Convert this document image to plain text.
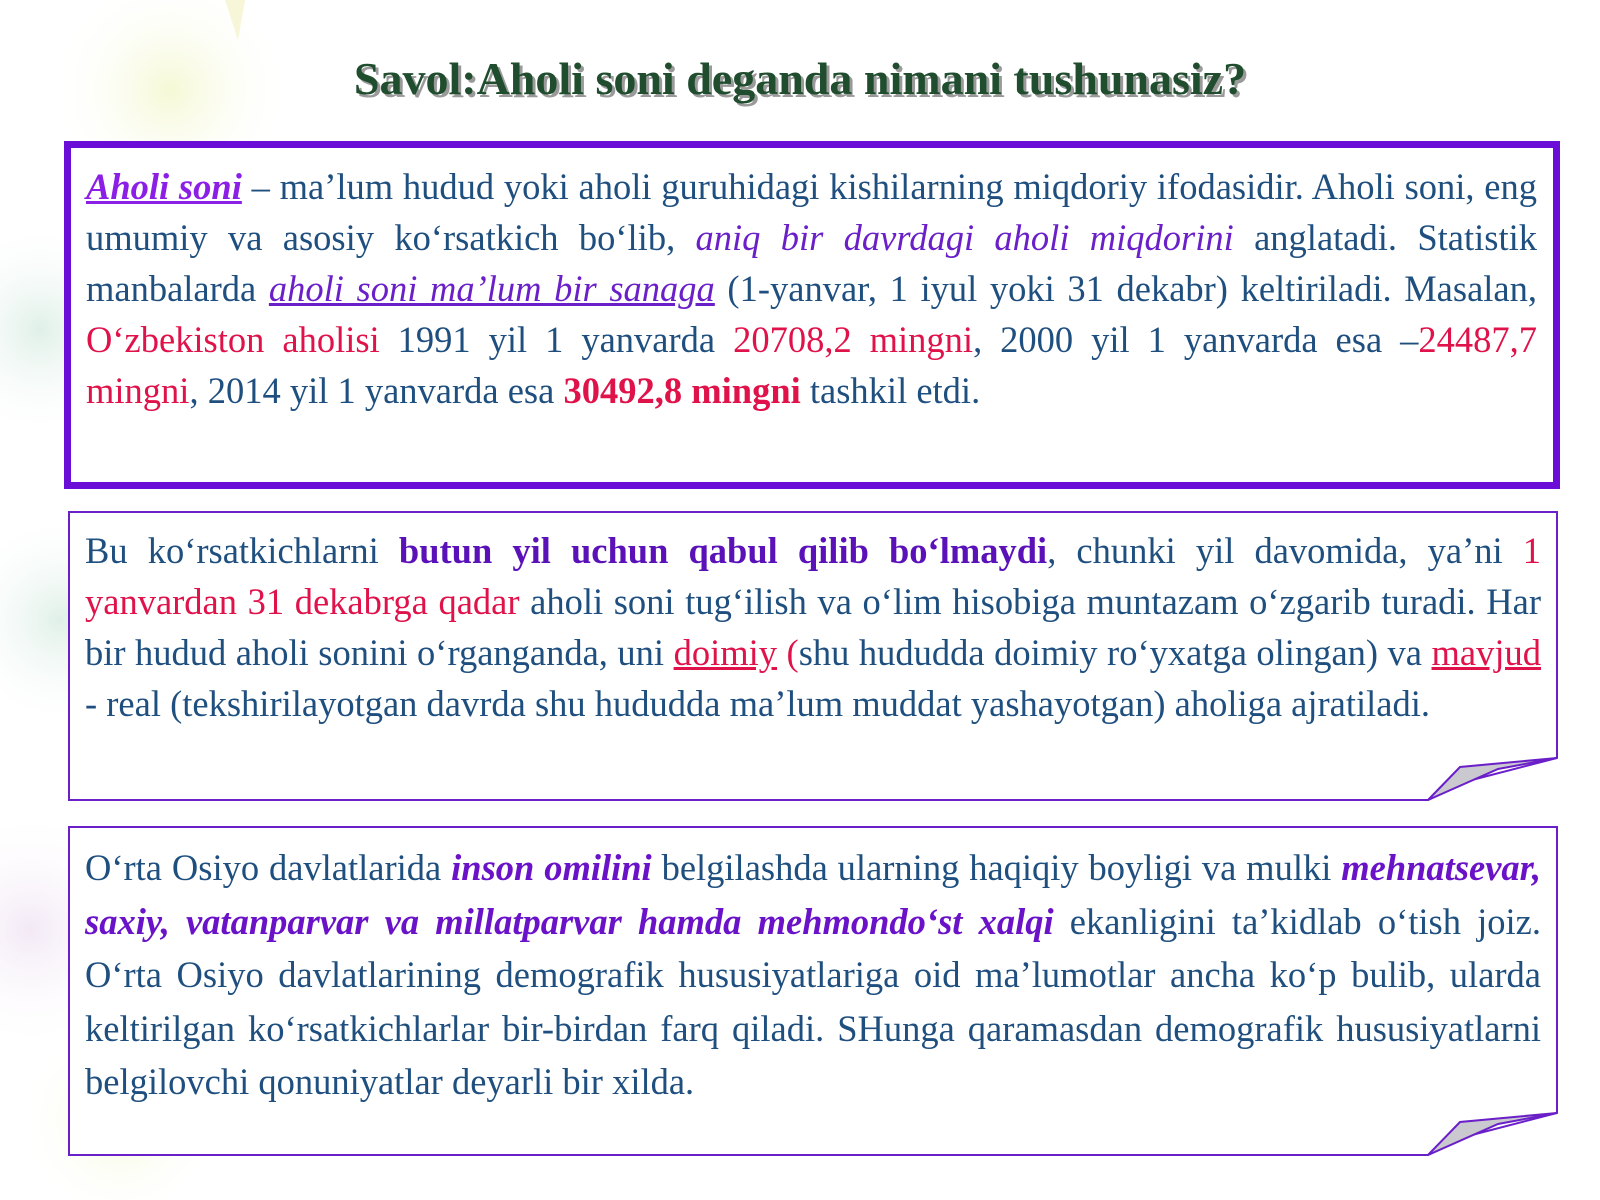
Savol:Aholi soni deganda nimani tushunasiz?

Aholi soni – ma’lum hudud yoki aholi guruhidagi kishilarning miqdoriy ifodasidir. Aholi soni, eng umumiy va asosiy ko‘rsatkich bo‘lib, aniq bir davrdagi aholi miqdorini anglatadi. Statistik manbalarda aholi soni ma’lum bir sanaga (1-yanvar, 1 iyul yoki 31 dekabr) keltiriladi. Masalan, O‘zbekiston aholisi 1991 yil 1 yanvarda 20708,2 mingni, 2000 yil 1 yanvarda esa –24487,7 mingni, 2014 yil 1 yanvarda esa 30492,8 mingni tashkil etdi.

Bu ko‘rsatkichlarni butun yil uchun qabul qilib bo‘lmaydi, chunki yil davomida, ya’ni 1 yanvardan 31 dekabrga qadar aholi soni tug‘ilish va o‘lim hisobiga muntazam o‘zgarib turadi. Har bir hudud aholi sonini o‘rganganda, uni doimiy (shu hududda doimiy ro‘yxatga olingan) va mavjud - real (tekshirilayotgan davrda shu hududda ma’lum muddat yashayotgan) aholiga ajratiladi.

O‘rta Osiyo davlatlarida inson omilini belgilashda ularning haqiqiy boyligi va mulki mehnatsevar, saxiy, vatanparvar va millatparvar hamda mehmondo‘st xalqi ekanligini ta’kidlab o‘tish joiz. O‘rta Osiyo davlatlarining demografik hususiyatlariga oid ma’lumotlar ancha ko‘p bulib, ularda keltirilgan ko‘rsatkichlarlar bir-birdan farq qiladi. SHunga qaramasdan demografik hususiyatlarni belgilovchi qonuniyatlar deyarli bir xilda.
